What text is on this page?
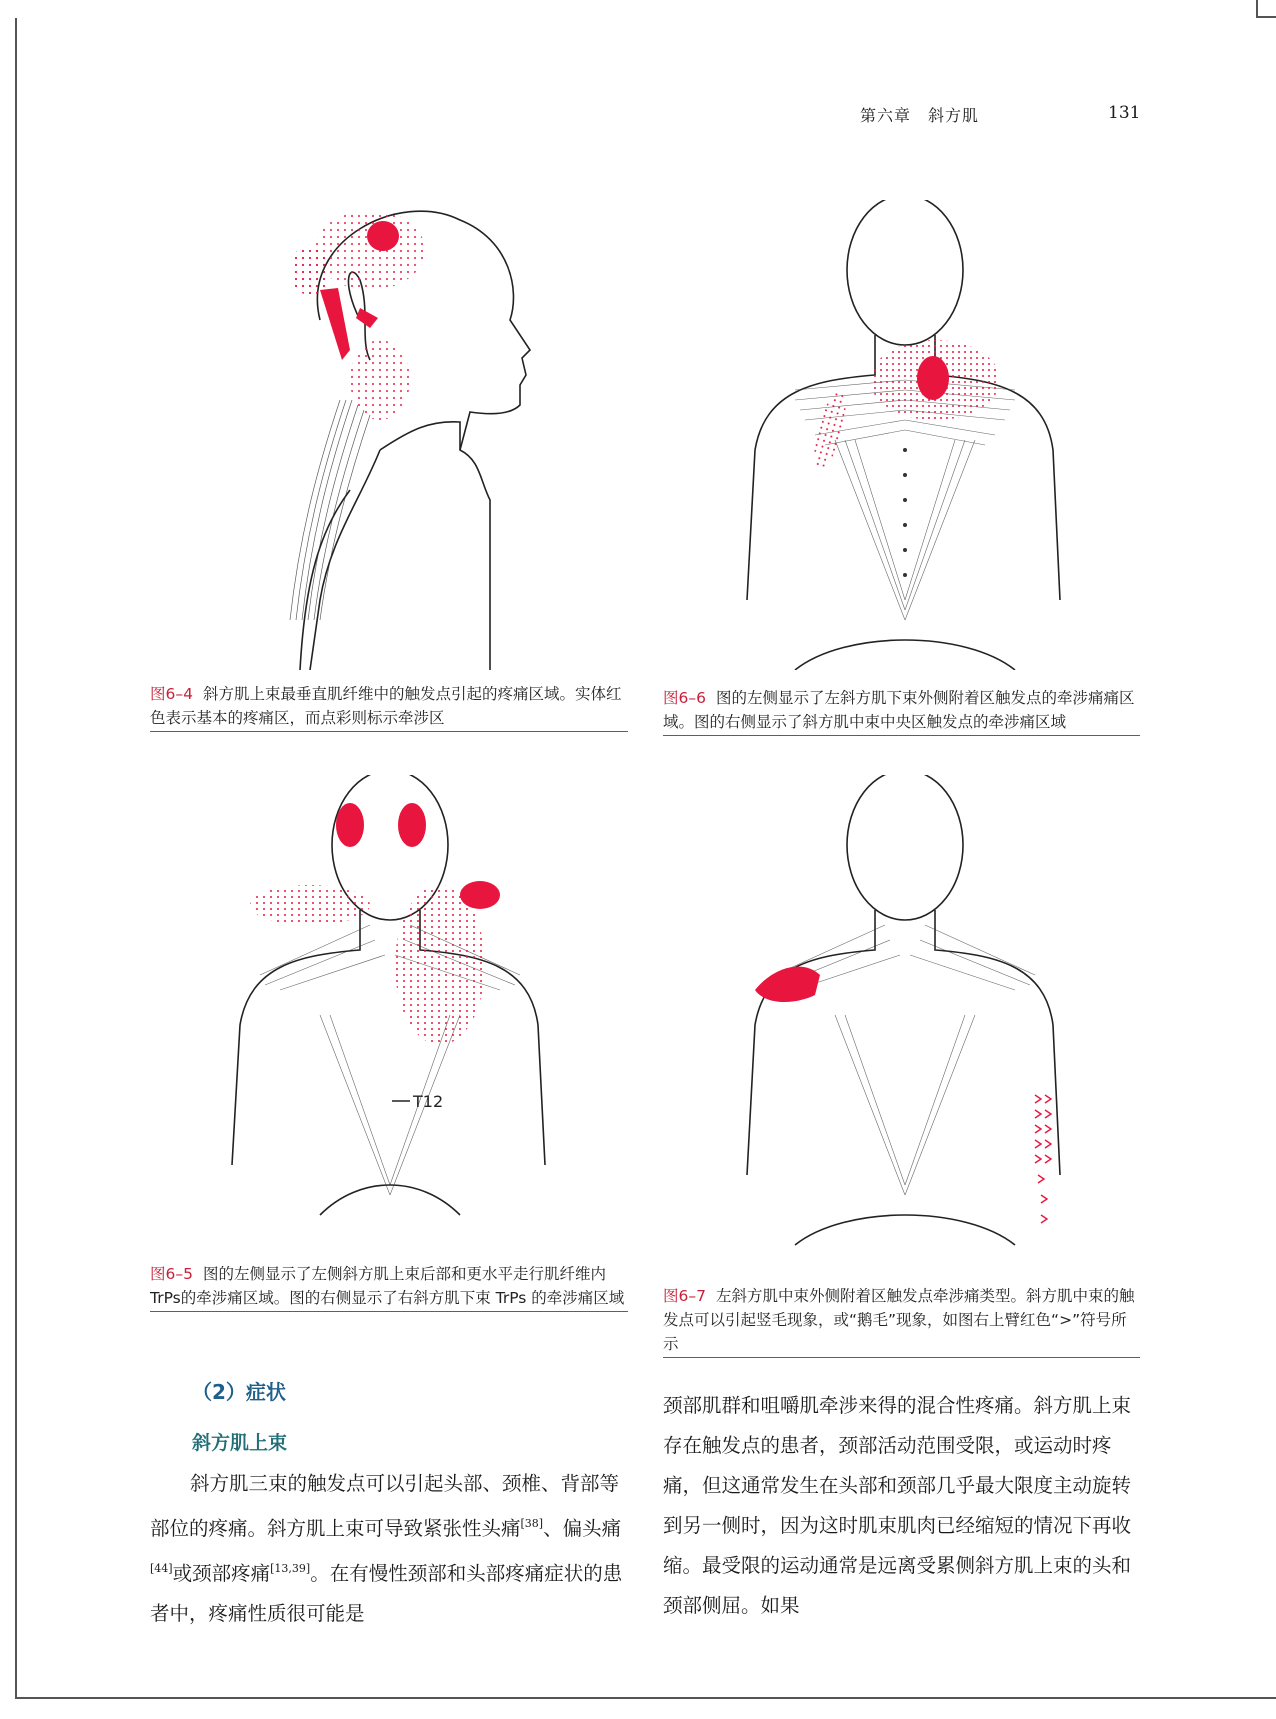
第六章　斜方肌	131
图6–4 斜方肌上束最垂直肌纤维中的触发点引起的疼痛区域。实体红色表示基本的疼痛区，而点彩则标示牵涉区
图6–6 图的左侧显示了左斜方肌下束外侧附着区触发点的牵涉痛痛区域。图的右侧显示了斜方肌中束中央区触发点的牵涉痛区域
T12
图6–5 图的左侧显示了左侧斜方肌上束后部和更水平走行肌纤维内 TrPs的牵涉痛区域。图的右侧显示了右斜方肌下束 TrPs 的牵涉痛区域 图6–7 左斜方肌中束外侧附着区触发点牵涉痛类型。斜方肌中束的触发点可以引起竖毛现象，或“鹅毛”现象，如图右上臂红色“>”符号所示
（2）症状
斜方肌上束

斜方肌三束的触发点可以引起头部、颈椎、背部等部位的疼痛。斜方肌上束可导致紧张性头痛[38]、偏头痛[44]或颈部疼痛[13,39]。在有慢性颈部和头部疼痛症状的患者中，疼痛性质很可能是

颈部肌群和咀嚼肌牵涉来得的混合性疼痛。斜方肌上束存在触发点的患者，颈部活动范围受限，或运动时疼痛，但这通常发生在头部和颈部几乎最大限度主动旋转到另一侧时，因为这时肌束肌肉已经缩短的情况下再收缩。最受限的运动通常是远离受累侧斜方肌上束的头和颈部侧屈。如果
